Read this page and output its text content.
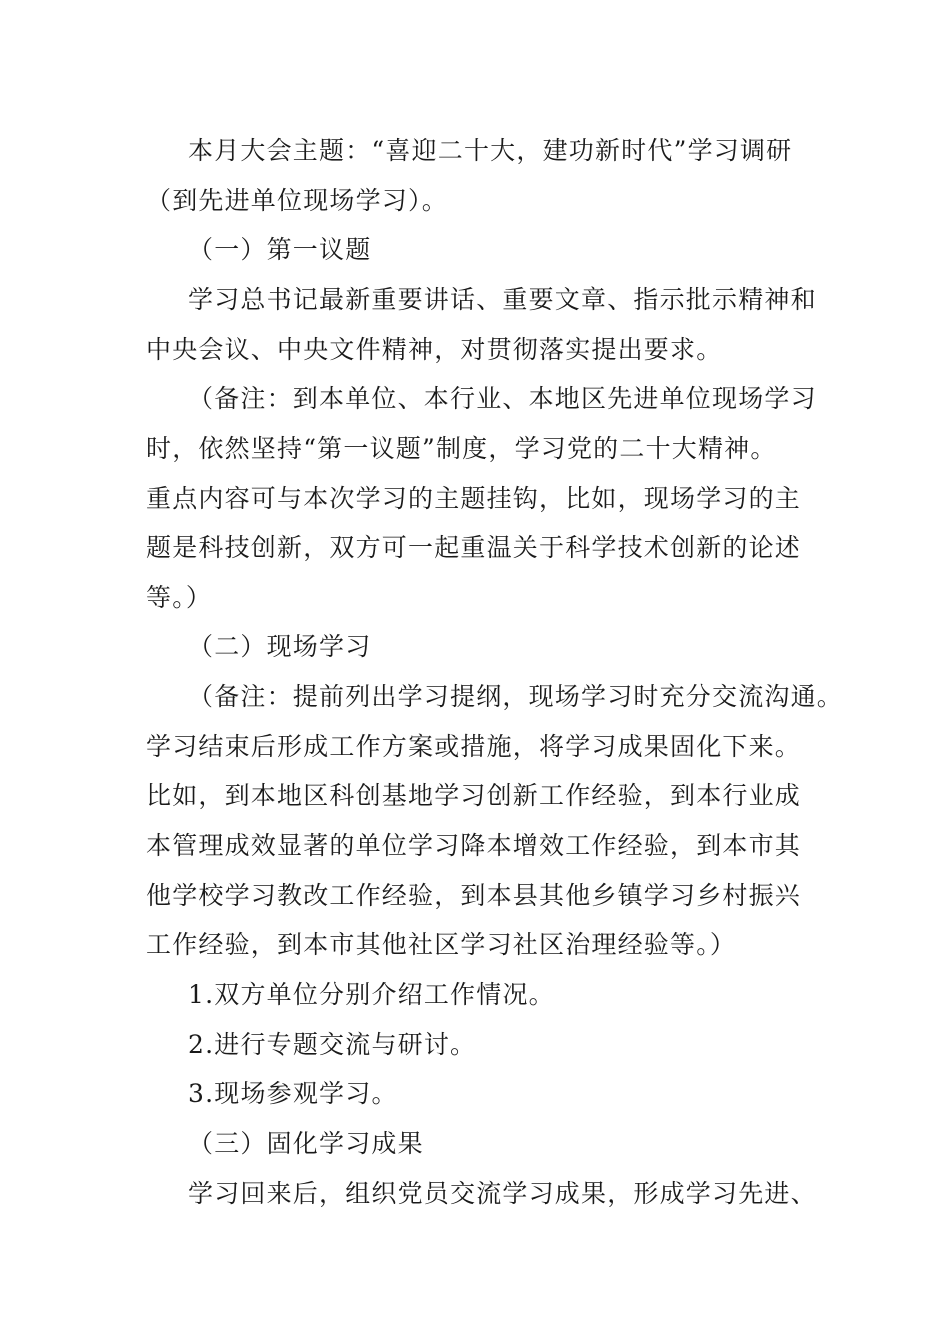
本月大会主题：“喜迎二十大，建功新时代”学习调研
（到先进单位现场学习）。
（一）第一议题
学习总书记最新重要讲话、重要文章、指示批示精神和
中央会议、中央文件精神，对贯彻落实提出要求。
（备注：到本单位、本行业、本地区先进单位现场学习
时，依然坚持“第一议题”制度，学习党的二十大精神。
重点内容可与本次学习的主题挂钩，比如，现场学习的主
题是科技创新，双方可一起重温关于科学技术创新的论述
等。）
（二）现场学习
（备注：提前列出学习提纲，现场学习时充分交流沟通。
学习结束后形成工作方案或措施，将学习成果固化下来。
比如，到本地区科创基地学习创新工作经验，到本行业成
本管理成效显著的单位学习降本增效工作经验，到本市其
他学校学习教改工作经验，到本县其他乡镇学习乡村振兴
工作经验，到本市其他社区学习社区治理经验等。）
1.双方单位分别介绍工作情况。
2.进行专题交流与研讨。
3.现场参观学习。
（三）固化学习成果
学习回来后，组织党员交流学习成果，形成学习先进、
